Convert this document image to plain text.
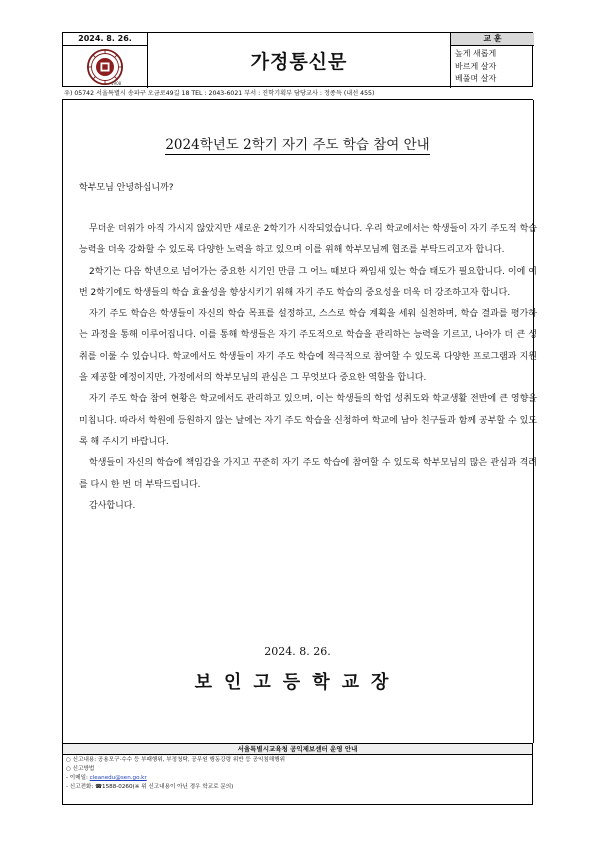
2024. 8. 26.
1908
가정통신문
교 훈
높게 새롭게
바르게 살자
베풀며 살자
우) 05742 서울특별시 송파구 오금로49길 18 TEL : 2043-6021 부서 : 진학기획부 담당교사 : 정종득 (내선 455)
2024학년도 2학기 자기 주도 학습 참여 안내
학부모님 안녕하십니까?

무더운 더위가 아직 가시지 않았지만 새로운 2학기가 시작되었습니다. 우리 학교에서는 학생들이 자기 주도적 학습 능력을 더욱 강화할 수 있도록 다양한 노력을 하고 있으며 이를 위해 학부모님께 협조를 부탁드리고자 합니다.

2학기는 다음 학년으로 넘어가는 중요한 시기인 만큼 그 어느 때보다 짜임새 있는 학습 태도가 필요합니다. 이에 이번 2학기에도 학생들의 학습 효율성을 향상시키기 위해 자기 주도 학습의 중요성을 더욱 더 강조하고자 합니다.

자기 주도 학습은 학생들이 자신의 학습 목표를 설정하고, 스스로 학습 계획을 세워 실천하며, 학습 결과를 평가하는 과정을 통해 이루어집니다. 이를 통해 학생들은 자기 주도적으로 학습을 관리하는 능력을 기르고, 나아가 더 큰 성취를 이룰 수 있습니다. 학교에서도 학생들이 자기 주도 학습에 적극적으로 참여할 수 있도록 다양한 프로그램과 지원을 제공할 예정이지만, 가정에서의 학부모님의 관심은 그 무엇보다 중요한 역할을 합니다.

자기 주도 학습 참여 현황은 학교에서도 관리하고 있으며, 이는 학생들의 학업 성취도와 학교생활 전반에 큰 영향을 미칩니다. 따라서 학원에 등원하지 않는 날에는 자기 주도 학습을 신청하여 학교에 남아 친구들과 함께 공부할 수 있도록 해 주시기 바랍니다.

학생들이 자신의 학습에 책임감을 가지고 꾸준히 자기 주도 학습에 참여할 수 있도록 학부모님의 많은 관심과 격려를 다시 한 번 더 부탁드립니다.

감사합니다.

2024. 8. 26.
보인고등학교장
서울특별시교육청 공익제보센터 운영 안내
○ 신고내용: 공용모구·수수 등 부패행위, 부정청탁, 공무원 행동강령 위반 등 공익침해행위
○ 신고방법
- 이메일: cleanedu@sen.go.kr
- 신고전화: ☎1588-0260(※ 위 신고내용이 아닌 경우 학교로 문의)
